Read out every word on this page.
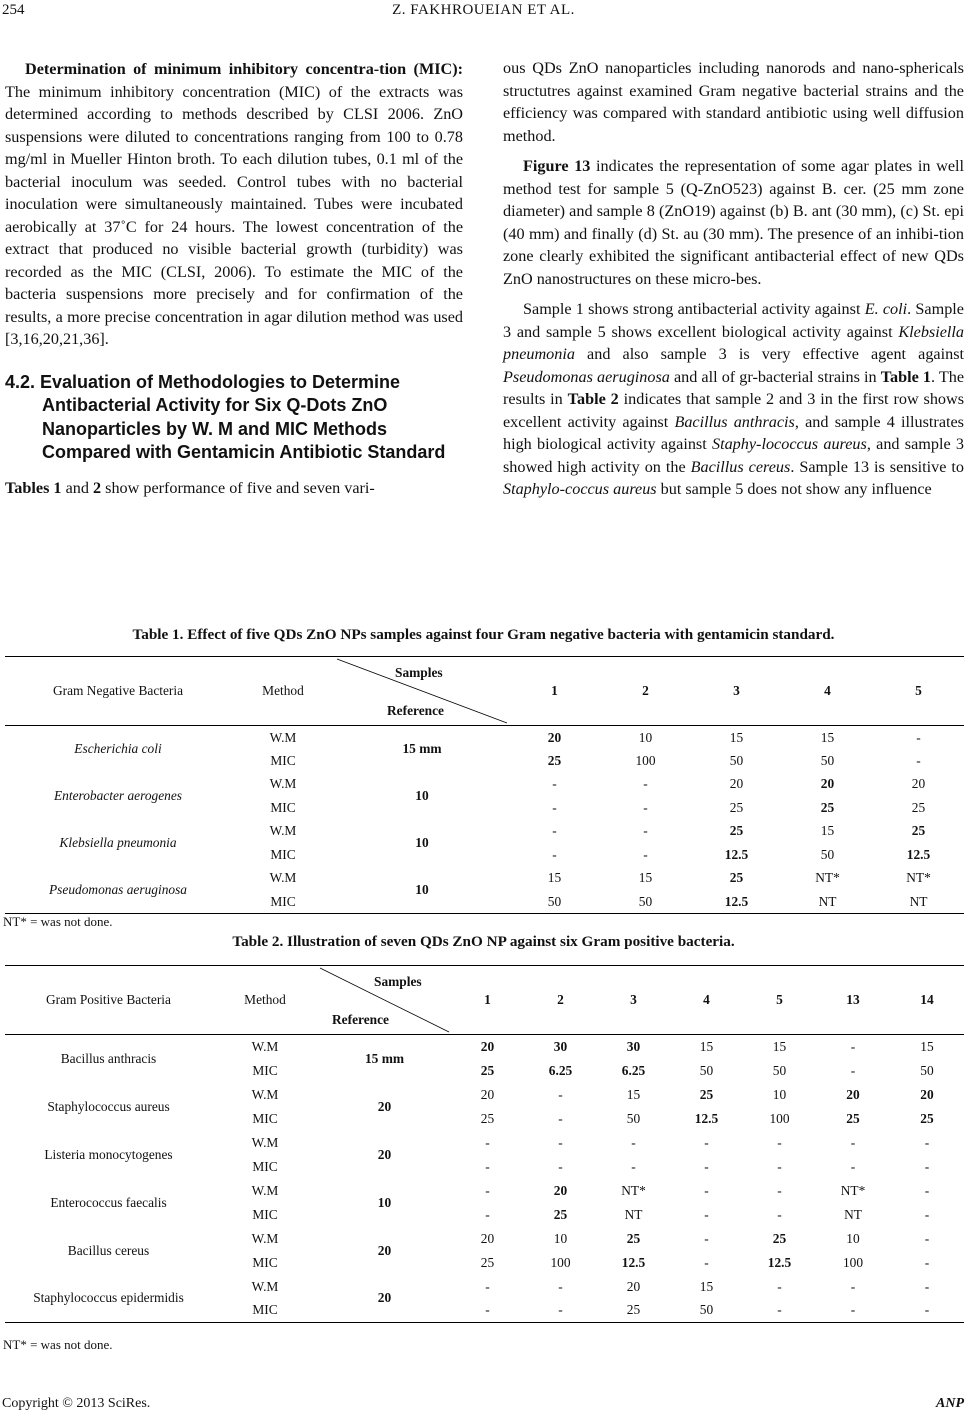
254	Z. FAKHROUEIAN ET AL.

Determination of minimum inhibitory concentra-tion (MIC): The minimum inhibitory concentration (MIC) of the extracts was determined according to methods described by CLSI 2006. ZnO suspensions were diluted to concentrations ranging from 100 to 0.78 mg/ml in Mueller Hinton broth. To each dilution tubes, 0.1 ml of the bacterial inoculum was seeded. Control tubes with no bacterial inoculation were simultaneously maintained. Tubes were incubated aerobically at 37˚C for 24 hours. The lowest concentration of the extract that produced no visible bacterial growth (turbidity) was recorded as the MIC (CLSI, 2006). To estimate the MIC of the bacteria suspensions more precisely and for confirmation of the results, a more precise concentration in agar dilution method was used [3,16,20,21,36].

4.2. Evaluation of Methodologies to Determine Antibacterial Activity for Six Q-Dots ZnO Nanoparticles by W. M and MIC Methods Compared with Gentamicin Antibiotic Standard

Tables 1 and 2 show performance of five and seven vari-

ous QDs ZnO nanoparticles including nanorods and nano-sphericals structutres against examined Gram negative bacterial strains and the efficiency was compared with standard antibiotic using well diffusion method.

Figure 13 indicates the representation of some agar plates in well method test for sample 5 (Q-ZnO523) against B. cer. (25 mm zone diameter) and sample 8 (ZnO19) against (b) B. ant (30 mm), (c) St. epi (40 mm) and finally (d) St. au (30 mm). The presence of an inhibi-tion zone clearly exhibited the significant antibacterial effect of new QDs ZnO nanostructures on these micro-bes.

Sample 1 shows strong antibacterial activity against E. coli. Sample 3 and sample 5 shows excellent biological activity against Klebsiella pneumonia and also sample 3 is very effective agent against Pseudomonas aeruginosa and all of gr-bacterial strains in Table 1. The results in Table 2 indicates that sample 2 and 3 in the first row shows excellent activity against Bacillus anthracis, and sample 4 illustrates high biological activity against Staphy-lococcus aureus, and sample 3 showed high activity on the Bacillus cereus. Sample 13 is sensitive to Staphylo-coccus aureus but sample 5 does not show any influence

Table 1. Effect of five QDs ZnO NPs samples against four Gram negative bacteria with gentamicin standard.
Gram Negative Bacteria	Method	Samples
Reference	1	2	3	4	5
Escherichia coli	W.M	15 mm	20	10	15	15	-
	MIC		25	100	50	50	-
Enterobacter aerogenes	W.M	10	-	-	20	20	20
	MIC		-	-	25	25	25
Klebsiella pneumonia	W.M	10	-	-	25	15	25
	MIC		-	-	12.5	50	12.5
Pseudomonas aeruginosa	W.M	10	15	15	25	NT*	NT*
	MIC		50	50	12.5	NT	NT
NT* = was not done.
Table 2. Illustration of seven QDs ZnO NP against six Gram positive bacteria.
Gram Positive Bacteria	Method	Samples
Reference	1	2	3	4	5	13	14
Bacillus anthracis	W.M	15 mm	20	30	30	15	15	-	15
	MIC		25	6.25	6.25	50	50	-	50
Staphylococcus aureus	W.M	20	20	-	15	25	10	20	20
	MIC		25	-	50	12.5	100	25	25
Listeria monocytogenes	W.M	20	-	-	-	-	-	-	-
	MIC		-	-	-	-	-	-	-
Enterococcus faecalis	W.M	10	-	20	NT*	-	-	NT*	-
	MIC		-	25	NT	-	-	NT	-
Bacillus cereus	W.M	20	20	10	25	-	25	10	-
	MIC		25	100	12.5	-	12.5	100	-
Staphylococcus epidermidis	W.M	20	-	-	20	15	-	-	-
	MIC		-	-	25	50	-	-	-
NT* = was not done.
Copyright © 2013 SciRes.	ANP
